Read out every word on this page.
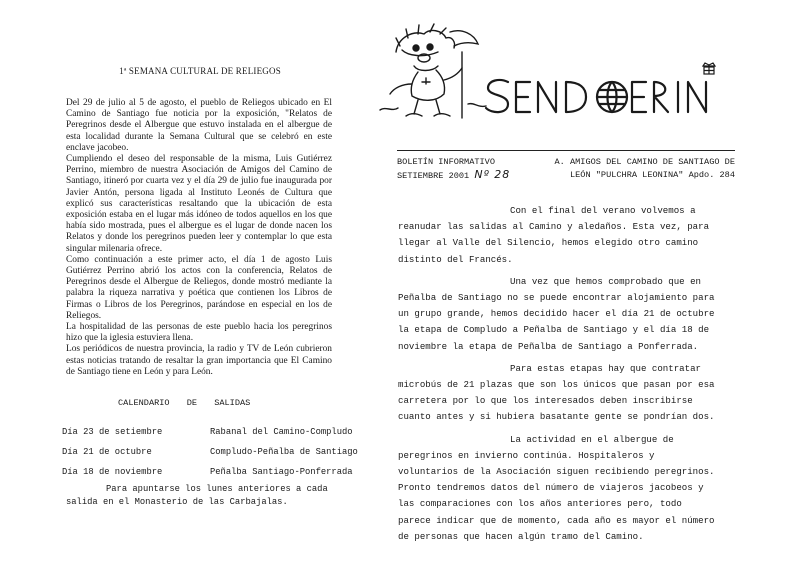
1ª SEMANA CULTURAL DE RELIEGOS

Del 29 de julio al 5 de agosto, el pueblo de Reliegos ubicado en El Camino de Santiago fue noticia por la exposición, "Relatos de Peregrinos desde el Albergue que estuvo instalada en el albergue de esta localidad durante la Semana Cultural que se celebró en este enclave jacobeo.

Cumpliendo el deseo del responsable de la misma, Luis Gutiérrez Perrino, miembro de nuestra Asociación de Amigos del Camino de Santiago, itineró por cuarta vez y el día 29 de julio fue inaugurada por Javier Antón, persona ligada al Instituto Leonés de Cultura que explicó sus características resaltando que la ubicación de esta exposición estaba en el lugar más idóneo de todos aquellos en los que había sido mostrada, pues el albergue es el lugar de donde nacen los Relatos y donde los peregrinos pueden leer y contemplar lo que esta singular milenaria ofrece.

Como continuación a este primer acto, el día 1 de agosto Luis Gutiérrez Perrino abrió los actos con la conferencia, Relatos de Peregrinos desde el Albergue de Reliegos, donde mostró mediante la palabra la riqueza narrativa y poética que contienen los Libros de Firmas o Libros de los Peregrinos, parándose en especial en los de Reliegos.

La hospitalidad de las personas de este pueblo hacia los peregrinos hizo que la iglesia estuviera llena.

Los periódicos de nuestra provincia, la radio y TV de León cubrieron estas noticias tratando de resaltar la gran importancia que El Camino de Santiago tiene en León y para León.

CALENDARIO DE SALIDAS
Día 23 de setiembre	Rabanal del Camino-Compludo
Día 21 de octubre	Compludo-Peñalba de Santiago
Día 18 de noviembre	Peñalba Santiago-Ponferrada
Para apuntarse los lunes anteriores a cada salida en el Monasterio de las Carbajalas.
BOLETÍN INFORMATIVO	A. AMIGOS DEL CAMINO DE SANTIAGO DE
SETIEMBRE 2001 Nº 28	LEÓN "PULCHRA LEONINA" Apdo. 284

Con el final del verano volvemos a reanudar las salidas al Camino y aledaños. Esta vez, para llegar al Valle del Silencio, hemos elegido otro camino distinto del Francés.

Una vez que hemos comprobado que en Peñalba de Santiago no se puede encontrar alojamiento para un grupo grande, hemos decidido hacer el día 21 de octubre la etapa de Compludo a Peñalba de Santiago y el día 18 de noviembre la etapa de Peñalba de Santiago a Ponferrada.

Para estas etapas hay que contratar microbús de 21 plazas que son los únicos que pasan por esa carretera por lo que los interesados deben inscribirse cuanto antes y si hubiera basatante gente se pondrían dos.

La actividad en el albergue de peregrinos en invierno continúa. Hospitaleros y voluntarios de la Asociación siguen recibiendo peregrinos. Pronto tendremos datos del número de viajeros jacobeos y las comparaciones con los años anteriores pero, todo parece indicar que de momento, cada año es mayor el número de personas que hacen algún tramo del Camino.
